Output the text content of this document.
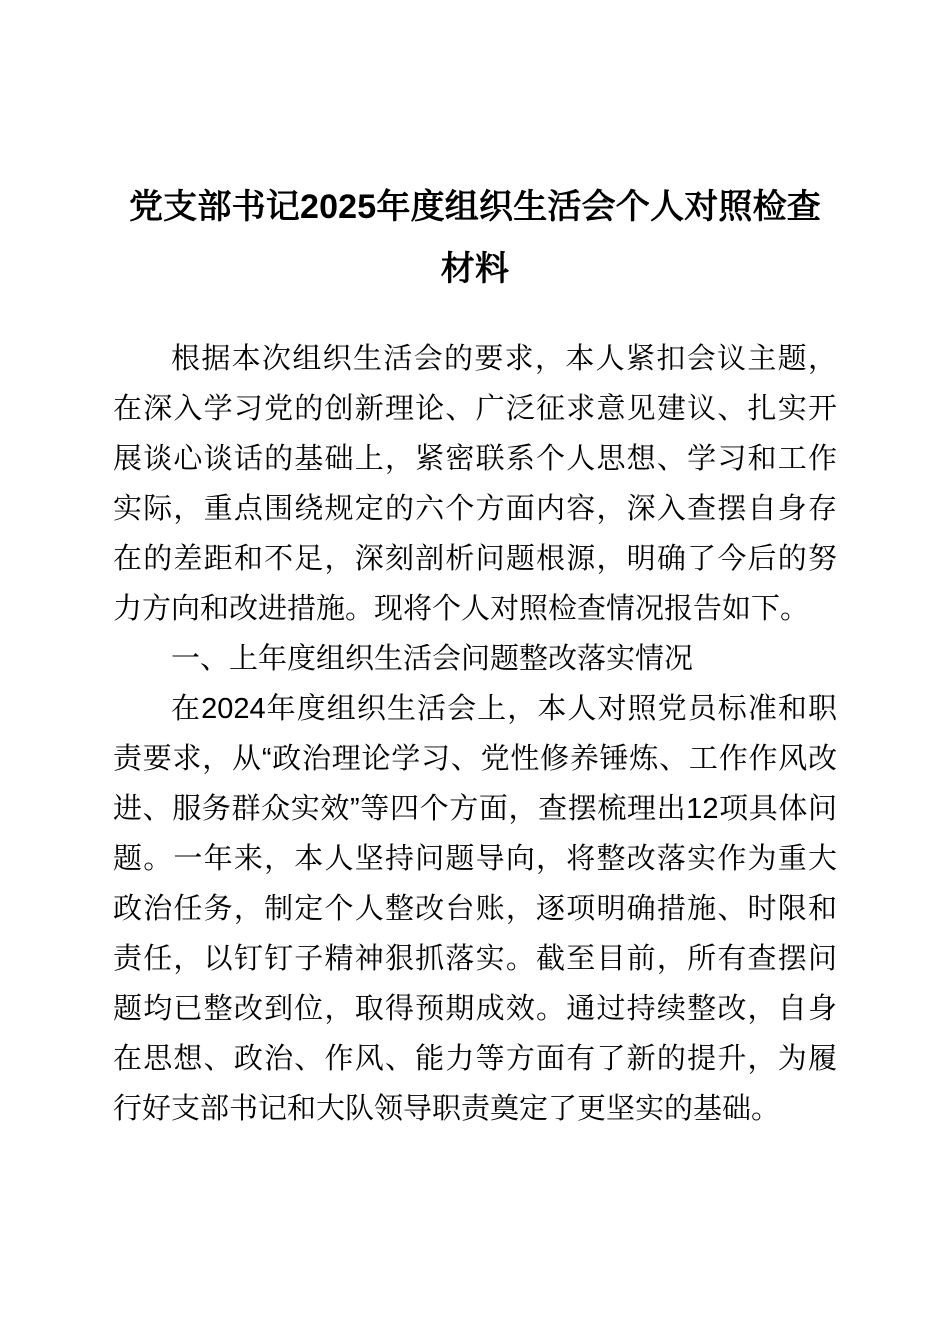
党支部书记2025年度组织生活会个人对照检查材料

根据本次组织生活会的要求，本人紧扣会议主题，在深入学习党的创新理论、广泛征求意见建议、扎实开展谈心谈话的基础上，紧密联系个人思想、学习和工作实际，重点围绕规定的六个方面内容，深入查摆自身存在的差距和不足，深刻剖析问题根源，明确了今后的努力方向和改进措施。现将个人对照检查情况报告如下。

一、上年度组织生活会问题整改落实情况

在2024年度组织生活会上，本人对照党员标准和职责要求，从“政治理论学习、党性修养锤炼、工作作风改进、服务群众实效”等四个方面，查摆梳理出12项具体问题。一年来，本人坚持问题导向，将整改落实作为重大政治任务，制定个人整改台账，逐项明确措施、时限和责任，以钉钉子精神狠抓落实。截至目前，所有查摆问题均已整改到位，取得预期成效。通过持续整改，自身在思想、政治、作风、能力等方面有了新的提升，为履行好支部书记和大队领导职责奠定了更坚实的基础。
